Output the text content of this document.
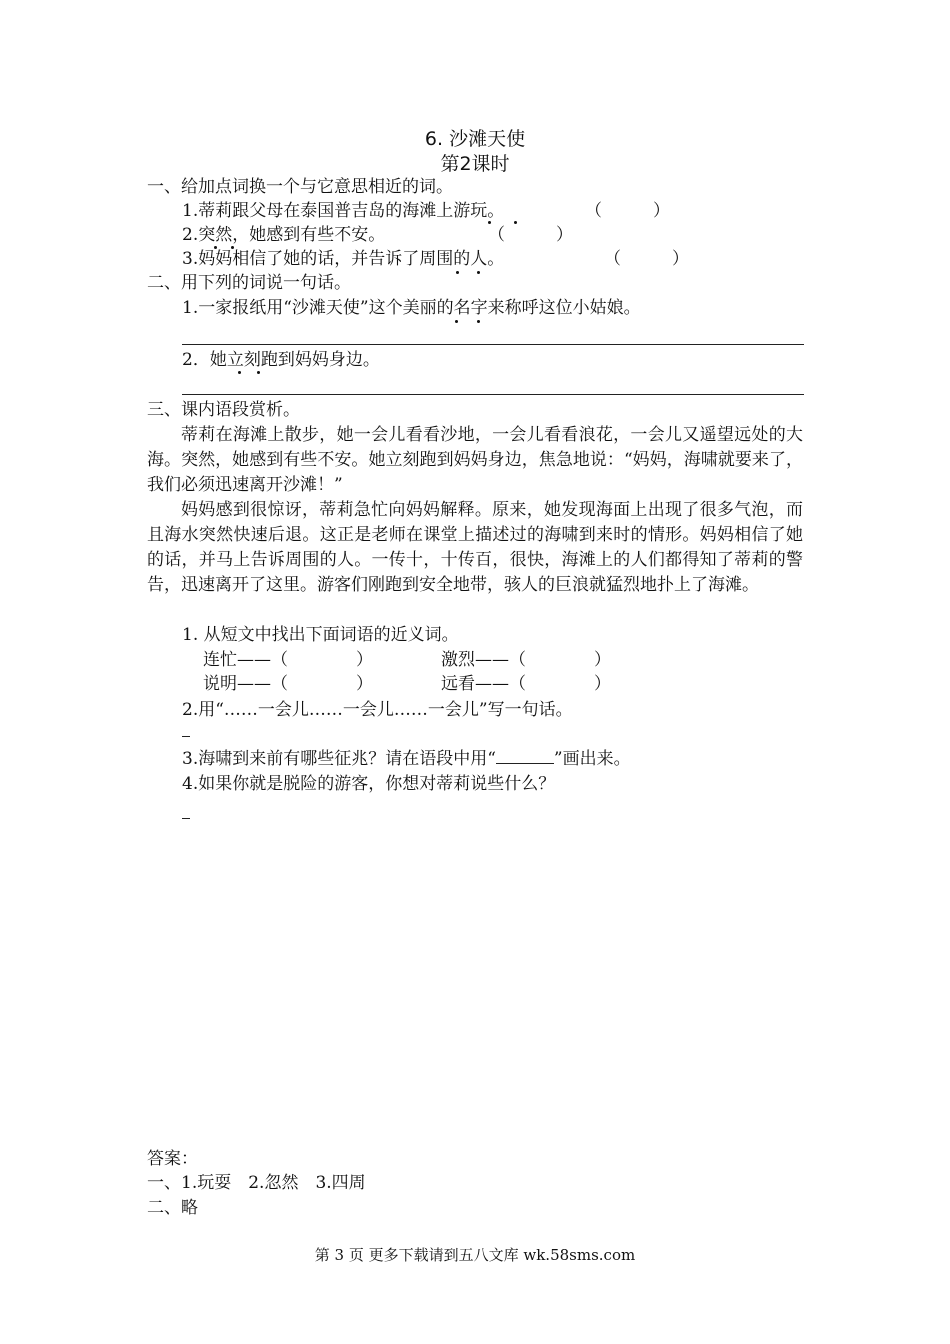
6. 沙滩天使
第2课时
一、给加点词换一个与它意思相近的词。
1.蒂莉跟父母在泰国普吉岛的海滩上游玩。	（　　　）
2.突然，她感到有些不安。	（　　　）
3.妈妈相信了她的话，并告诉了周围的人。	（　　　）
二、用下列的词说一句话。
1.一家报纸用“沙滩天使”这个美丽的名字来称呼这位小姑娘。
2．她立刻跑到妈妈身边。
三、课内语段赏析。
蒂莉在海滩上散步，她一会儿看看沙地，一会儿看看浪花，一会儿又遥望远处的大海。突然，她感到有些不安。她立刻跑到妈妈身边，焦急地说：“妈妈，海啸就要来了，我们必须迅速离开沙滩！”
妈妈感到很惊讶，蒂莉急忙向妈妈解释。原来，她发现海面上出现了很多气泡，而且海水突然快速后退。这正是老师在课堂上描述过的海啸到来时的情形。妈妈相信了她的话，并马上告诉周围的人。一传十，十传百，很快，海滩上的人们都得知了蒂莉的警告，迅速离开了这里。游客们刚跑到安全地带，骇人的巨浪就猛烈地扑上了海滩。
1. 从短文中找出下面词语的近义词。
连忙——（　　　　）	激烈——（　　　　）
说明——（　　　　）	远看——（　　　　）
2.用“……一会儿……一会儿……一会儿”写一句话。
3.海啸到来前有哪些征兆？请在语段中用“	”画出来。
4.如果你就是脱险的游客，你想对蒂莉说些什么？
答案：
一、1.玩耍　2.忽然　3.四周
二、略
第 3 页 更多下载请到五八文库 wk.58sms.com
